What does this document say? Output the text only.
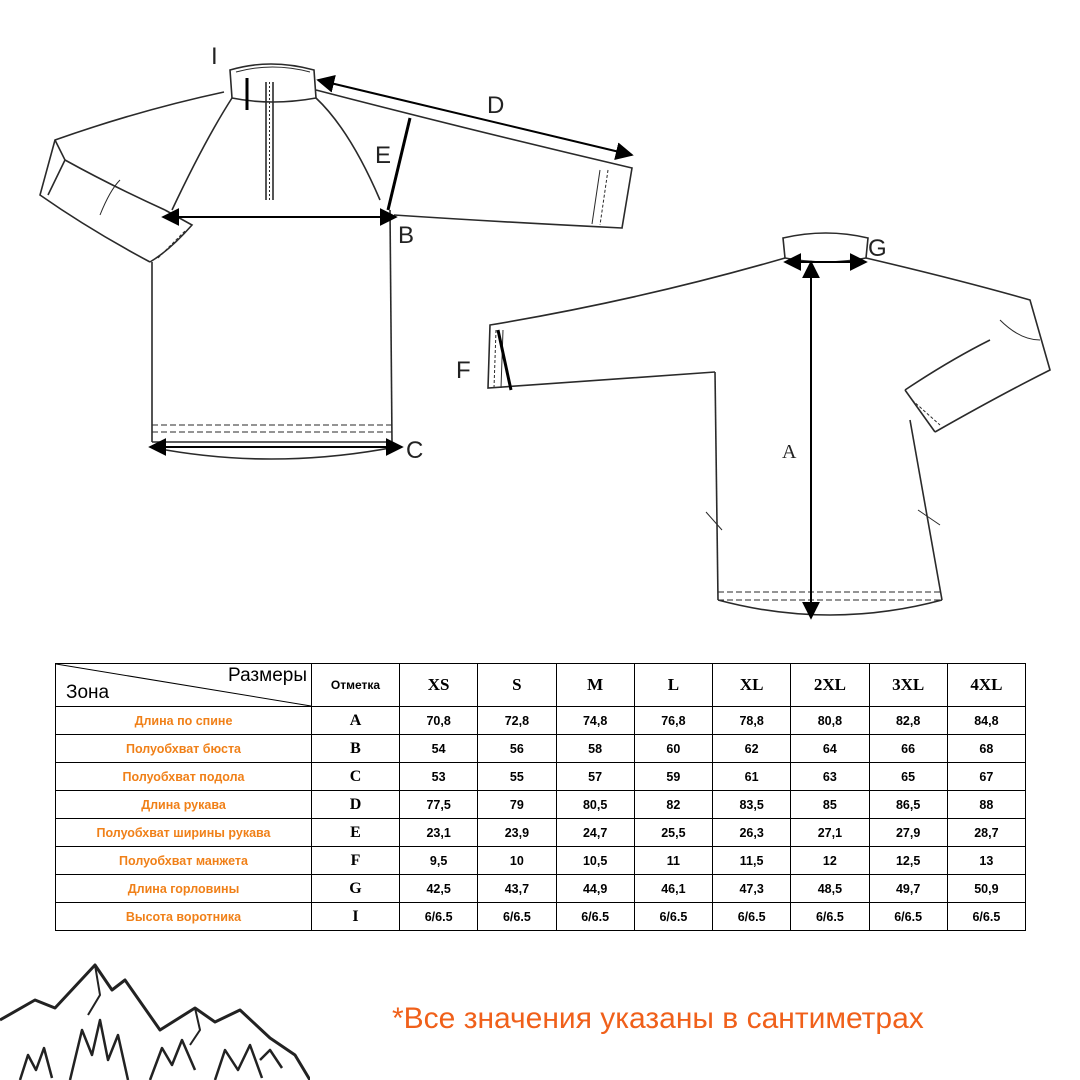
I
D
E
B
C
G
F
A
Размеры
Зона	Отметка	XS	S	M	L	XL	2XL	3XL	4XL
Длина по спине	A	70,8	72,8	74,8	76,8	78,8	80,8	82,8	84,8
Полуобхват бюста	B	54	56	58	60	62	64	66	68
Полуобхват подола	C	53	55	57	59	61	63	65	67
Длина рукава	D	77,5	79	80,5	82	83,5	85	86,5	88
Полуобхват ширины рукава	E	23,1	23,9	24,7	25,5	26,3	27,1	27,9	28,7
Полуобхват манжета	F	9,5	10	10,5	11	11,5	12	12,5	13
Длина горловины	G	42,5	43,7	44,9	46,1	47,3	48,5	49,7	50,9
Высота воротника	I	6/6.5	6/6.5	6/6.5	6/6.5	6/6.5	6/6.5	6/6.5	6/6.5
*Все значения указаны в сантиметрах
